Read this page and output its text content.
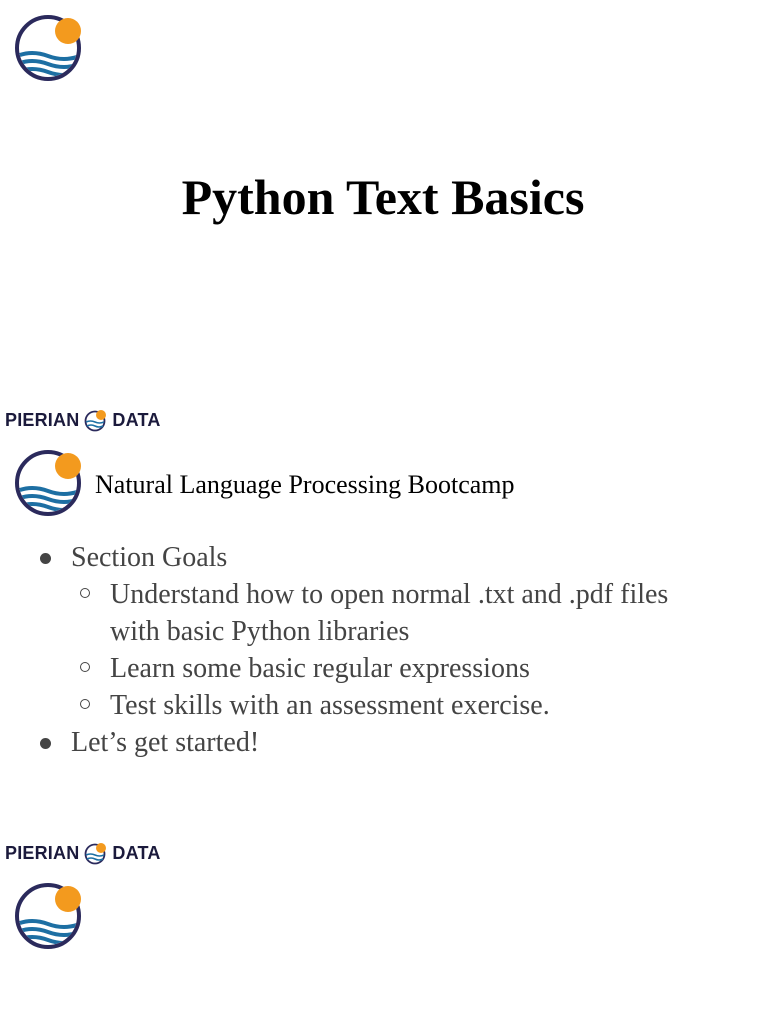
Python Text Basics
PIERIAN DATA
Natural Language Processing Bootcamp
Section Goals
Understand how to open normal .txt and .pdf files
with basic Python libraries
Learn some basic regular expressions
Test skills with an assessment exercise.
Let’s get started!
PIERIAN DATA
